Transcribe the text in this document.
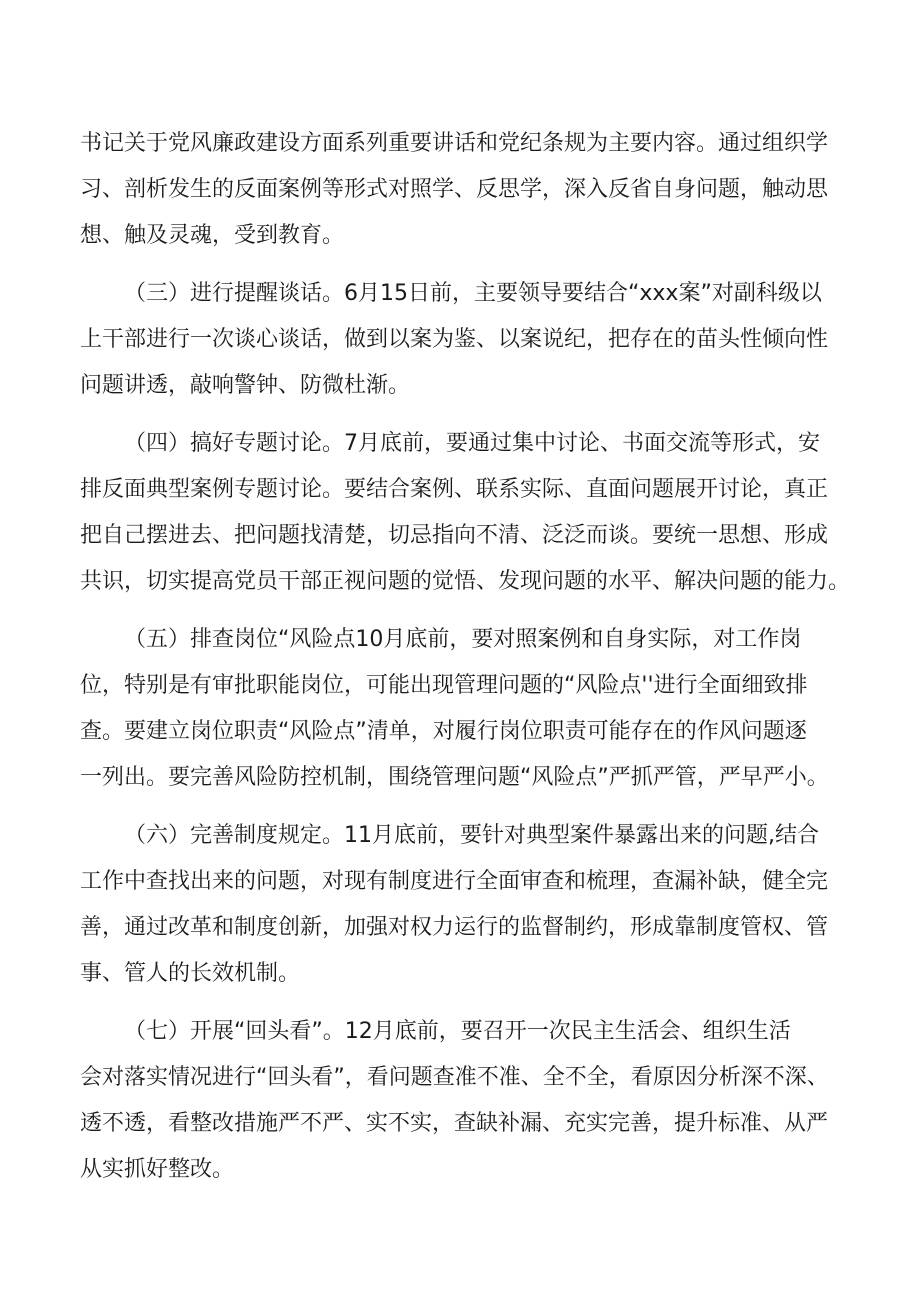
书记关于党风廉政建设方面系列重要讲话和党纪条规为主要内容。通过组织学
习、剖析发生的反面案例等形式对照学、反思学，深入反省自身问题，触动思
想、触及灵魂，受到教育。
（三）进行提醒谈话。6月15日前，主要领导要结合“xxx案”对副科级以
上干部进行一次谈心谈话，做到以案为鉴、以案说纪，把存在的苗头性倾向性
问题讲透，敲响警钟、防微杜渐。
（四）搞好专题讨论。7月底前，要通过集中讨论、书面交流等形式，安
排反面典型案例专题讨论。要结合案例、联系实际、直面问题展开讨论，真正
把自己摆进去、把问题找清楚，切忌指向不清、泛泛而谈。要统一思想、形成
共识，切实提高党员干部正视问题的觉悟、发现问题的水平、解决问题的能力。
（五）排查岗位“风险点10月底前，要对照案例和自身实际，对工作岗
位，特别是有审批职能岗位，可能出现管理问题的“风险点''进行全面细致排
查。要建立岗位职责“风险点”清单，对履行岗位职责可能存在的作风问题逐
一列出。要完善风险防控机制，围绕管理问题“风险点”严抓严管，严早严小。
（六）完善制度规定。11月底前，要针对典型案件暴露出来的问题,结合
工作中查找出来的问题，对现有制度进行全面审查和梳理，查漏补缺，健全完
善，通过改革和制度创新，加强对权力运行的监督制约，形成靠制度管权、管
事、管人的长效机制。
（七）开展“回头看”。12月底前，要召开一次民主生活会、组织生活
会对落实情况进行“回头看”，看问题查准不准、全不全，看原因分析深不深、
透不透，看整改措施严不严、实不实，查缺补漏、充实完善，提升标准、从严
从实抓好整改。
